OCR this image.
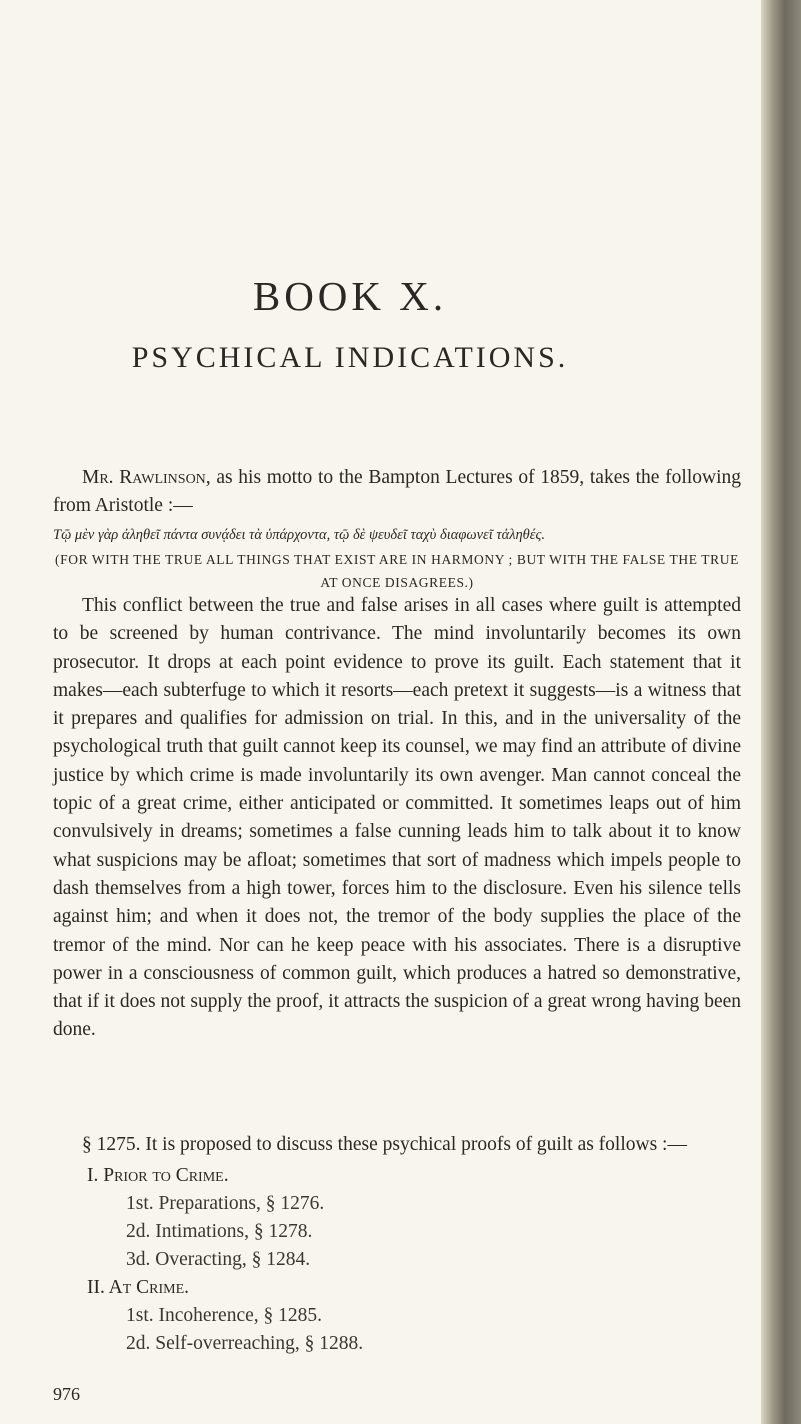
BOOK X.
PSYCHICAL INDICATIONS.
Mr. Rawlinson, as his motto to the Bampton Lectures of 1859, takes the following from Aristotle :—
Τῷ μὲν γὰρ ἀληθεῖ πάντα συνᾴδει τὰ ὑπάρχοντα, τῷ δὲ ψευδεῖ ταχὺ διαφωνεῖ τἀληθές.
(FOR WITH THE TRUE ALL THINGS THAT EXIST ARE IN HARMONY ; BUT WITH THE FALSE THE TRUE AT ONCE DISAGREES.)
This conflict between the true and false arises in all cases where guilt is attempted to be screened by human contrivance. The mind involuntarily becomes its own prosecutor. It drops at each point evidence to prove its guilt. Each statement that it makes—each subterfuge to which it resorts—each pretext it suggests—is a witness that it prepares and qualifies for admission on trial. In this, and in the universality of the psychological truth that guilt cannot keep its counsel, we may find an attribute of divine justice by which crime is made involuntarily its own avenger. Man cannot conceal the topic of a great crime, either anticipated or committed. It sometimes leaps out of him convulsively in dreams; sometimes a false cunning leads him to talk about it to know what suspicions may be afloat; sometimes that sort of madness which impels people to dash themselves from a high tower, forces him to the disclosure. Even his silence tells against him; and when it does not, the tremor of the body supplies the place of the tremor of the mind. Nor can he keep peace with his associates. There is a disruptive power in a consciousness of common guilt, which produces a hatred so demonstrative, that if it does not supply the proof, it attracts the suspicion of a great wrong having been done.
§ 1275. It is proposed to discuss these psychical proofs of guilt as follows :—
I. Prior to Crime.
1st. Preparations, § 1276.
2d. Intimations, § 1278.
3d. Overacting, § 1284.
II. At Crime.
1st. Incoherence, § 1285.
2d. Self-overreaching, § 1288.
976
